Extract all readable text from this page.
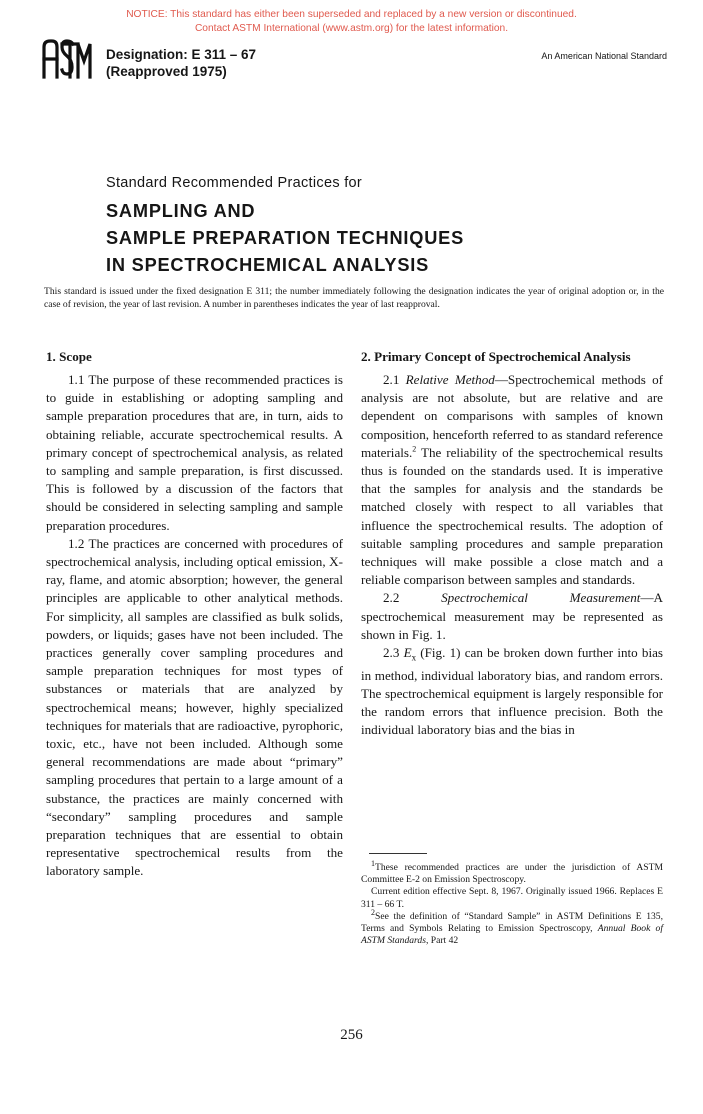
NOTICE: This standard has either been superseded and replaced by a new version or discontinued.
Contact ASTM International (www.astm.org) for the latest information.
Designation: E 311 – 67
(Reapproved 1975)
An American National Standard
Standard Recommended Practices for
SAMPLING AND
SAMPLE PREPARATION TECHNIQUES
IN SPECTROCHEMICAL ANALYSIS
This standard is issued under the fixed designation E 311; the number immediately following the designation indicates the year of original adoption or, in the case of revision, the year of last revision. A number in parentheses indicates the year of last reapproval.
1. Scope

1.1 The purpose of these recommended practices is to guide in establishing or adopting sampling and sample preparation procedures that are, in turn, aids to obtaining reliable, accurate spectrochemical results. A primary concept of spectrochemical analysis, as related to sampling and sample preparation, is first discussed. This is followed by a discussion of the factors that should be considered in selecting sampling and sample preparation procedures.

1.2 The practices are concerned with procedures of spectrochemical analysis, including optical emission, X-ray, flame, and atomic absorption; however, the general principles are applicable to other analytical methods. For simplicity, all samples are classified as bulk solids, powders, or liquids; gases have not been included. The practices generally cover sampling procedures and sample preparation techniques for most types of substances or materials that are analyzed by spectrochemical means; however, highly specialized techniques for materials that are radioactive, pyrophoric, toxic, etc., have not been included. Although some general recommendations are made about “primary” sampling procedures that pertain to a large amount of a substance, the practices are mainly concerned with “secondary” sampling procedures and sample preparation techniques that are essential to obtain representative spectrochemical results from the laboratory sample.

2. Primary Concept of Spectrochemical Analysis

2.1 Relative Method—Spectrochemical methods of analysis are not absolute, but are relative and are dependent on comparisons with samples of known composition, henceforth referred to as standard reference materials.$^2$ The reliability of the spectrochemical results thus is founded on the standards used. It is imperative that the samples for analysis and the standards be matched closely with respect to all variables that influence the spectrochemical results. The adoption of suitable sampling procedures and sample preparation techniques will make possible a close match and a reliable comparison between samples and standards.

2.2	Spectrochemical Measurement—A spectrochemical measurement may be represented as shown in Fig. 1.

2.3 $E_x$ (Fig. 1) can be broken down further into bias in method, individual laboratory bias, and random errors. The spectrochemical equipment is largely responsible for the random errors that influence precision. Both the individual laboratory bias and the bias in

$^1$These recommended practices are under the jurisdiction of ASTM Committee E-2 on Emission Spectroscopy.

Current edition effective Sept. 8, 1967. Originally issued 1966. Replaces E 311 – 66 T.

$^2$See the definition of “Standard Sample” in ASTM Definitions E 135, Terms and Symbols Relating to Emission Spectroscopy, Annual Book of ASTM Standards, Part 42

256
